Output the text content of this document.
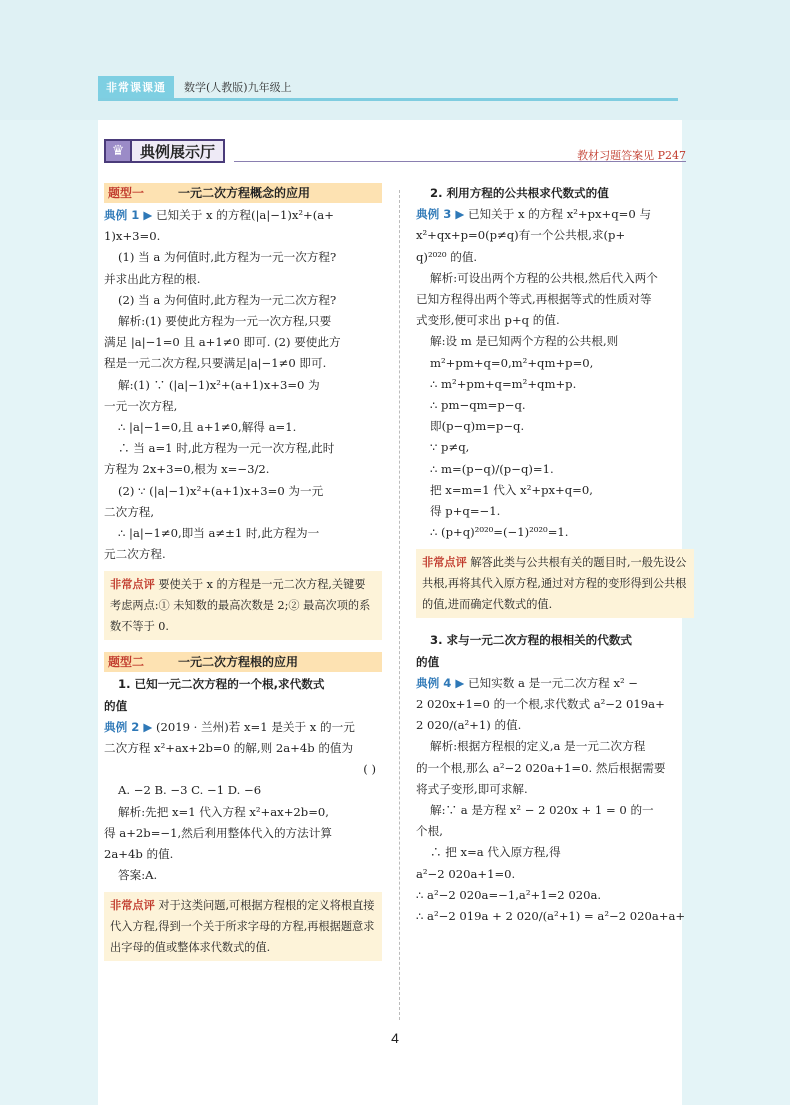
非常课课通	数学(人教版)九年级上
♛	典例展示厅	教材习题答案见 P247
题型一	一元二次方程概念的应用
典例 1 ▶ 已知关于 x 的方程(|a|−1)x²+(a+
1)x+3=0.
(1) 当 a 为何值时,此方程为一元一次方程?
并求出此方程的根.
(2) 当 a 为何值时,此方程为一元二次方程?
解析:(1) 要使此方程为一元一次方程,只要
满足 |a|−1=0 且 a+1≠0 即可. (2) 要使此方
程是一元二次方程,只要满足|a|−1≠0 即可.
解:(1) ∵ (|a|−1)x²+(a+1)x+3=0 为
一元一次方程,
∴ |a|−1=0,且 a+1≠0,解得 a=1.
∴ 当 a=1 时,此方程为一元一次方程,此时
方程为 2x+3=0,根为 x=−3/2.
(2) ∵ (|a|−1)x²+(a+1)x+3=0 为一元
二次方程,
∴ |a|−1≠0,即当 a≠±1 时,此方程为一
元二次方程.
非常点评 要使关于 x 的方程是一元二次方程,关键要考虑两点:① 未知数的最高次数是 2;② 最高次项的系数不等于 0.
题型二	一元二次方程根的应用
1. 已知一元二次方程的一个根,求代数式
的值
典例 2 ▶ (2019 · 兰州)若 x=1 是关于 x 的一元
二次方程 x²+ax+2b=0 的解,则 2a+4b 的值为
( )
A. −2 B. −3 C. −1 D. −6
解析:先把 x=1 代入方程 x²+ax+2b=0,
得 a+2b=−1,然后利用整体代入的方法计算
2a+4b 的值.
答案:A.
非常点评 对于这类问题,可根据方程根的定义将根直接代入方程,得到一个关于所求字母的方程,再根据题意求出字母的值或整体求代数式的值.
2. 利用方程的公共根求代数式的值
典例 3 ▶ 已知关于 x 的方程 x²+px+q=0 与
x²+qx+p=0(p≠q)有一个公共根,求(p+
q)²⁰²⁰ 的值.
解析:可设出两个方程的公共根,然后代入两个
已知方程得出两个等式,再根据等式的性质对等
式变形,便可求出 p+q 的值.
解:设 m 是已知两个方程的公共根,则
m²+pm+q=0,m²+qm+p=0,
∴ m²+pm+q=m²+qm+p.
∴ pm−qm=p−q.
即(p−q)m=p−q.
∵ p≠q,
∴ m=(p−q)/(p−q)=1.
把 x=m=1 代入 x²+px+q=0,
得 p+q=−1.
∴ (p+q)²⁰²⁰=(−1)²⁰²⁰=1.
非常点评 解答此类与公共根有关的题目时,一般先设公共根,再将其代入原方程,通过对方程的变形得到公共根的值,进而确定代数式的值.
3. 求与一元二次方程的根相关的代数式
的值
典例 4 ▶ 已知实数 a 是一元二次方程 x² −
2 020x+1=0 的一个根,求代数式 a²−2 019a+
2 020/(a²+1) 的值.
解析:根据方程根的定义,a 是一元二次方程
的一个根,那么 a²−2 020a+1=0. 然后根据需要
将式子变形,即可求解.
解:∵ a 是方程 x² − 2 020x + 1 = 0 的一
个根,
∴ 把 x=a 代入原方程,得
a²−2 020a+1=0.
∴ a²−2 020a=−1,a²+1=2 020a.
∴ a²−2 019a + 2 020/(a²+1) = a²−2 020a+a+
4
